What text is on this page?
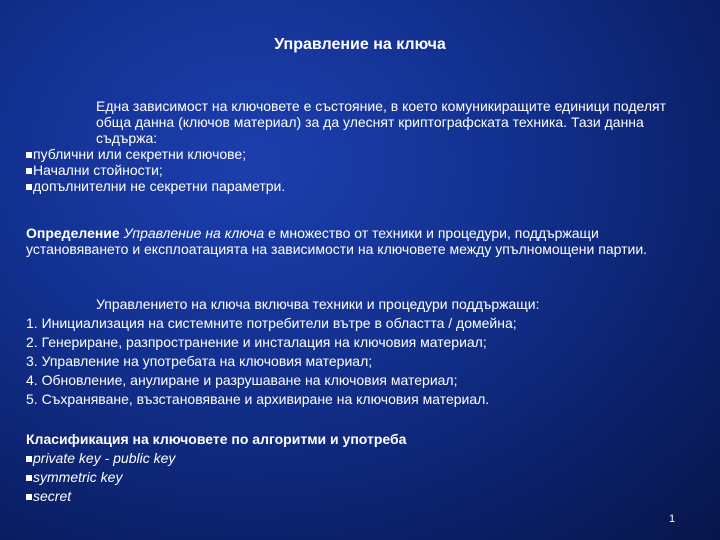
Управление на ключа
Една зависимост на ключовете е състояние, в което комуникиращите единици поделят обща данна (ключов материал) за да улеснят криптографската техника. Тази данна съдържа:
публични или секретни ключове;
Начални стойности;
допълнителни не секретни параметри.
Определение Управление на ключа е множество от техники и процедури, поддържащи установяването и експлоатацията на зависимости на ключовете между упълномощени партии.
Управлението на ключа включва техники и процедури поддържащи:
1. Инициализация на системните потребители вътре в областта / домейна;
2. Генериране, разпространение и инсталация на ключовия материал;
3. Управление на употребата на ключовия материал;
4. Обновление, анулиране и разрушаване на ключовия материал;
5. Съхраняване, възстановяване и архивиране на ключовия материал.
Класификация на ключовете по алгоритми и употреба
private key - public key
symmetric key
secret
1
